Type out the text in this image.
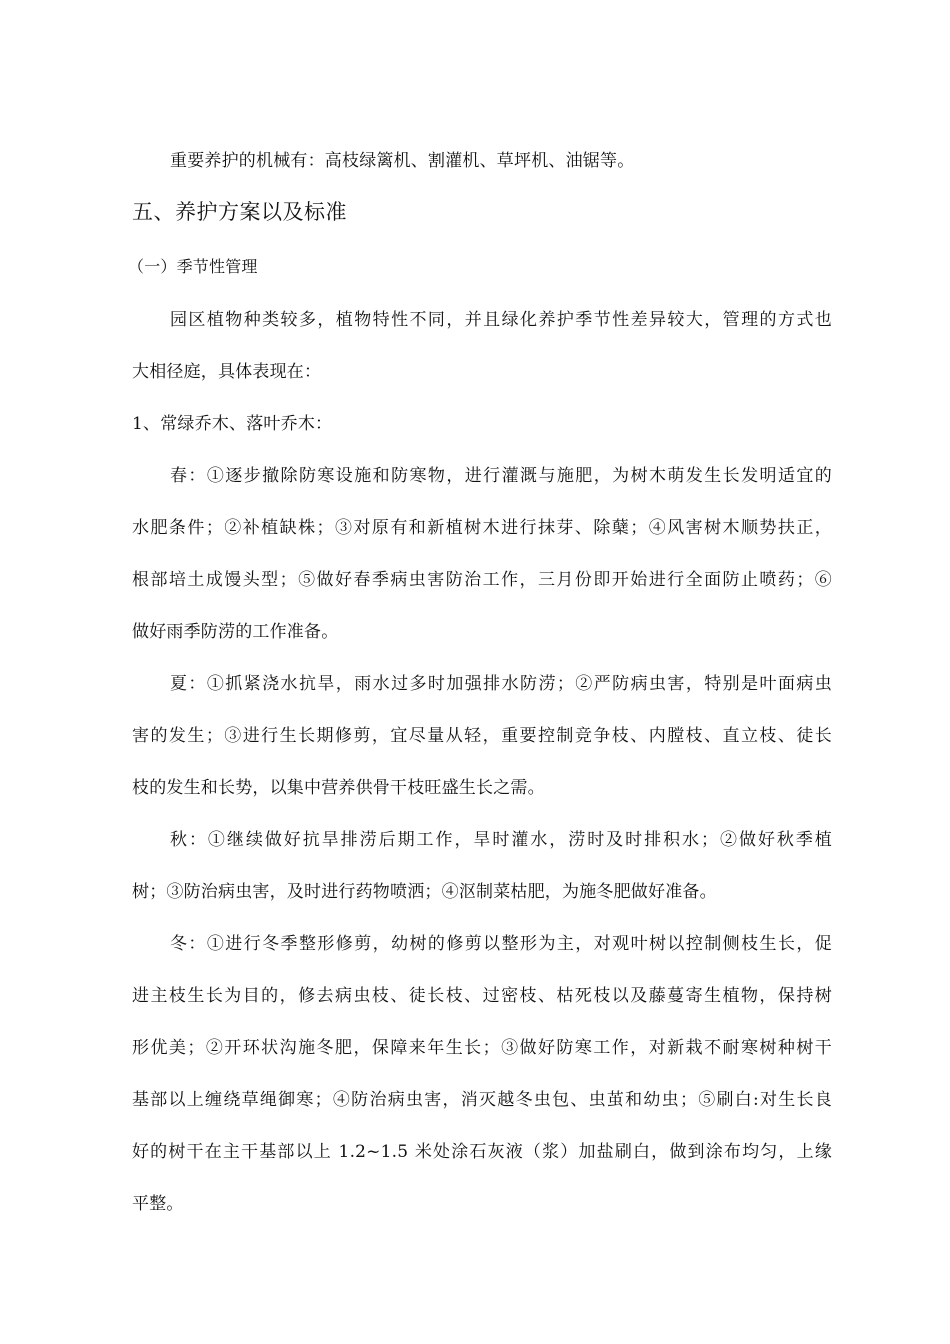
重要养护的机械有：高枝绿篱机、割灌机、草坪机、油锯等。
五、养护方案以及标准
（一）季节性管理
园区植物种类较多，植物特性不同，并且绿化养护季节性差异较大，管理的方式也
大相径庭，具体表现在：
1、常绿乔木、落叶乔木：
春：①逐步撤除防寒设施和防寒物，进行灌溉与施肥，为树木萌发生长发明适宜的
水肥条件；②补植缺株；③对原有和新植树木进行抹芽、除蘖；④风害树木顺势扶正，
根部培土成馒头型；⑤做好春季病虫害防治工作，三月份即开始进行全面防止喷药；⑥
做好雨季防涝的工作准备。
夏：①抓紧浇水抗旱，雨水过多时加强排水防涝；②严防病虫害，特别是叶面病虫
害的发生；③进行生长期修剪，宜尽量从轻，重要控制竞争枝、内膛枝、直立枝、徒长
枝的发生和长势，以集中营养供骨干枝旺盛生长之需。
秋：①继续做好抗旱排涝后期工作，旱时灌水，涝时及时排积水；②做好秋季植
树；③防治病虫害，及时进行药物喷洒；④沤制菜枯肥，为施冬肥做好准备。
冬：①进行冬季整形修剪，幼树的修剪以整形为主，对观叶树以控制侧枝生长，促
进主枝生长为目的，修去病虫枝、徒长枝、过密枝、枯死枝以及藤蔓寄生植物，保持树
形优美；②开环状沟施冬肥，保障来年生长；③做好防寒工作，对新栽不耐寒树种树干
基部以上缠绕草绳御寒；④防治病虫害，消灭越冬虫包、虫茧和幼虫；⑤刷白:对生长良
好的树干在主干基部以上 1.2~1.5 米处涂石灰液（浆）加盐刷白，做到涂布均匀，上缘
平整。
